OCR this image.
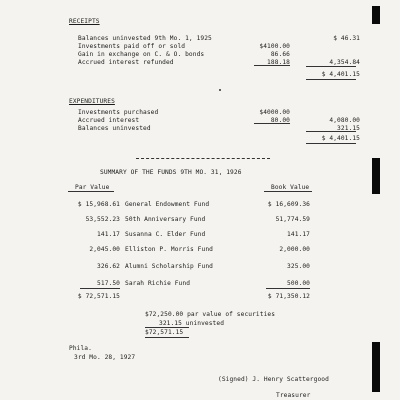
RECEIPTS
Balances uninvested 9th Mo. 1, 1925	$ 46.31
Investments paid off or sold	$4100.00
Gain in exchange on C. & O. bonds	86.66
Accrued interest refunded	188.18	4,354.84
$ 4,401.15
EXPENDITURES
Investments purchased	$4000.00
Accrued interest	80.00	4,080.00
Balances uninvested	321.15
$ 4,401.15
SUMMARY OF THE FUNDS 9TH MO. 31, 1926
Par Value	Book Value
$ 15,968.61 General Endowment Fund	$ 16,609.36
53,552.23 50th Anniversary Fund	51,774.59
141.17 Susanna C. Elder Fund	141.17
2,045.00 Elliston P. Morris Fund	2,000.00
326.62 Alumni Scholarship Fund	325.00
517.50 Sarah Richie Fund	500.00
$ 72,571.15	$ 71,350.12
$72,250.00 par value of securities
321.15 uninvested
$72,571.15
Phila.
3rd Mo. 28, 1927
(Signed) J. Henry Scattergood
Treasurer
